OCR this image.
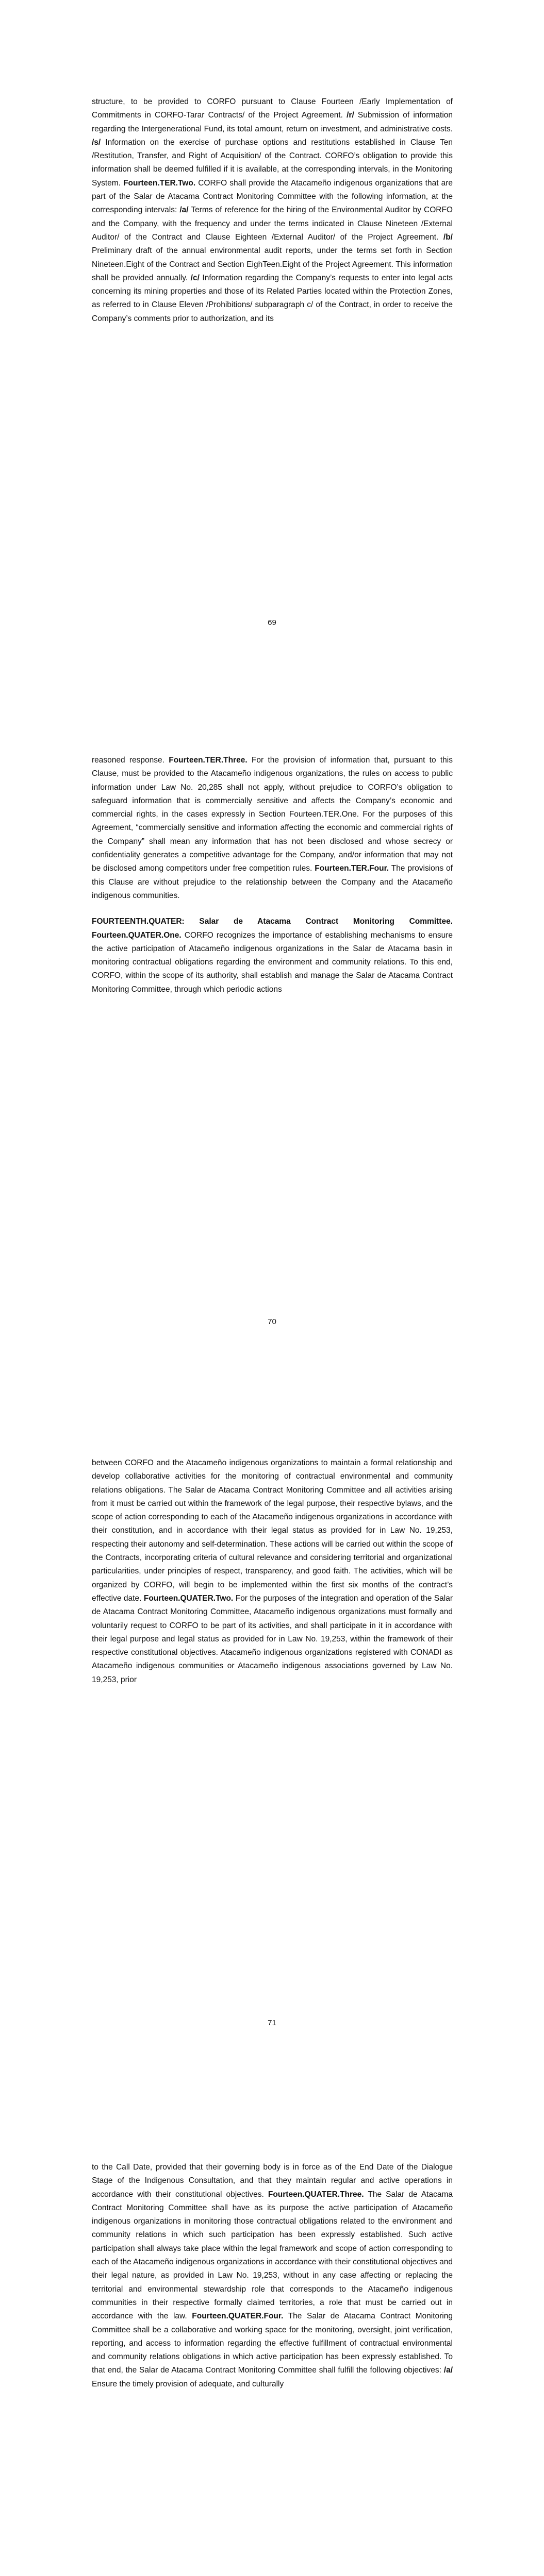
structure, to be provided to CORFO pursuant to Clause Fourteen /Early Implementation of Commitments in CORFO-Tarar Contracts/ of the Project Agreement. /r/ Submission of information regarding the Intergenerational Fund, its total amount, return on investment, and administrative costs. /s/ Information on the exercise of purchase options and restitutions established in Clause Ten /Restitution, Transfer, and Right of Acquisition/ of the Contract. CORFO’s obligation to provide this information shall be deemed fulfilled if it is available, at the corresponding intervals, in the Monitoring System. Fourteen.TER.Two. CORFO shall provide the Atacameño indigenous organizations that are part of the Salar de Atacama Contract Monitoring Committee with the following information, at the corresponding intervals: /a/ Terms of reference for the hiring of the Environmental Auditor by CORFO and the Company, with the frequency and under the terms indicated in Clause Nineteen /External Auditor/ of the Contract and Clause Eighteen /External Auditor/ of the Project Agreement. /b/ Preliminary draft of the annual environmental audit reports, under the terms set forth in Section Nineteen.Eight of the Contract and Section EighTeen.Eight of the Project Agreement. This information shall be provided annually. /c/ Information regarding the Company’s requests to enter into legal acts concerning its mining properties and those of its Related Parties located within the Protection Zones, as referred to in Clause Eleven /Prohibitions/ subparagraph c/ of the Contract, in order to receive the Company’s comments prior to authorization, and its

69

reasoned response. Fourteen.TER.Three. For the provision of information that, pursuant to this Clause, must be provided to the Atacameño indigenous organizations, the rules on access to public information under Law No. 20,285 shall not apply, without prejudice to CORFO’s obligation to safeguard information that is commercially sensitive and affects the Company’s economic and commercial rights, in the cases expressly in Section Fourteen.TER.One. For the purposes of this Agreement, “commercially sensitive and information affecting the economic and commercial rights of the Company” shall mean any information that has not been disclosed and whose secrecy or confidentiality generates a competitive advantage for the Company, and/or information that may not be disclosed among competitors under free competition rules. Fourteen.TER.Four. The provisions of this Clause are without prejudice to the relationship between the Company and the Atacameño indigenous communities.

FOURTEENTH.QUATER: Salar de Atacama Contract Monitoring Committee. Fourteen.QUATER.One. CORFO recognizes the importance of establishing mechanisms to ensure the active participation of Atacameño indigenous organizations in the Salar de Atacama basin in monitoring contractual obligations regarding the environment and community relations. To this end, CORFO, within the scope of its authority, shall establish and manage the Salar de Atacama Contract Monitoring Committee, through which periodic actions

70

between CORFO and the Atacameño indigenous organizations to maintain a formal relationship and develop collaborative activities for the monitoring of contractual environmental and community relations obligations. The Salar de Atacama Contract Monitoring Committee and all activities arising from it must be carried out within the framework of the legal purpose, their respective bylaws, and the scope of action corresponding to each of the Atacameño indigenous organizations in accordance with their constitution, and in accordance with their legal status as provided for in Law No. 19,253, respecting their autonomy and self-determination. These actions will be carried out within the scope of the Contracts, incorporating criteria of cultural relevance and considering territorial and organizational particularities, under principles of respect, transparency, and good faith. The activities, which will be organized by CORFO, will begin to be implemented within the first six months of the contract’s effective date. Fourteen.QUATER.Two. For the purposes of the integration and operation of the Salar de Atacama Contract Monitoring Committee, Atacameño indigenous organizations must formally and voluntarily request to CORFO to be part of its activities, and shall participate in it in accordance with their legal purpose and legal status as provided for in Law No. 19,253, within the framework of their respective constitutional objectives. Atacameño indigenous organizations registered with CONADI as Atacameño indigenous communities or Atacameño indigenous associations governed by Law No. 19,253, prior

71

to the Call Date, provided that their governing body is in force as of the End Date of the Dialogue Stage of the Indigenous Consultation, and that they maintain regular and active operations in accordance with their constitutional objectives. Fourteen.QUATER.Three. The Salar de Atacama Contract Monitoring Committee shall have as its purpose the active participation of Atacameño indigenous organizations in monitoring those contractual obligations related to the environment and community relations in which such participation has been expressly established. Such active participation shall always take place within the legal framework and scope of action corresponding to each of the Atacameño indigenous organizations in accordance with their constitutional objectives and their legal nature, as provided in Law No. 19,253, without in any case affecting or replacing the territorial and environmental stewardship role that corresponds to the Atacameño indigenous communities in their respective formally claimed territories, a role that must be carried out in accordance with the law. Fourteen.QUATER.Four. The Salar de Atacama Contract Monitoring Committee shall be a collaborative and working space for the monitoring, oversight, joint verification, reporting, and access to information regarding the effective fulfillment of contractual environmental and community relations obligations in which active participation has been expressly established. To that end, the Salar de Atacama Contract Monitoring Committee shall fulfill the following objectives: /a/ Ensure the timely provision of adequate, and culturally
